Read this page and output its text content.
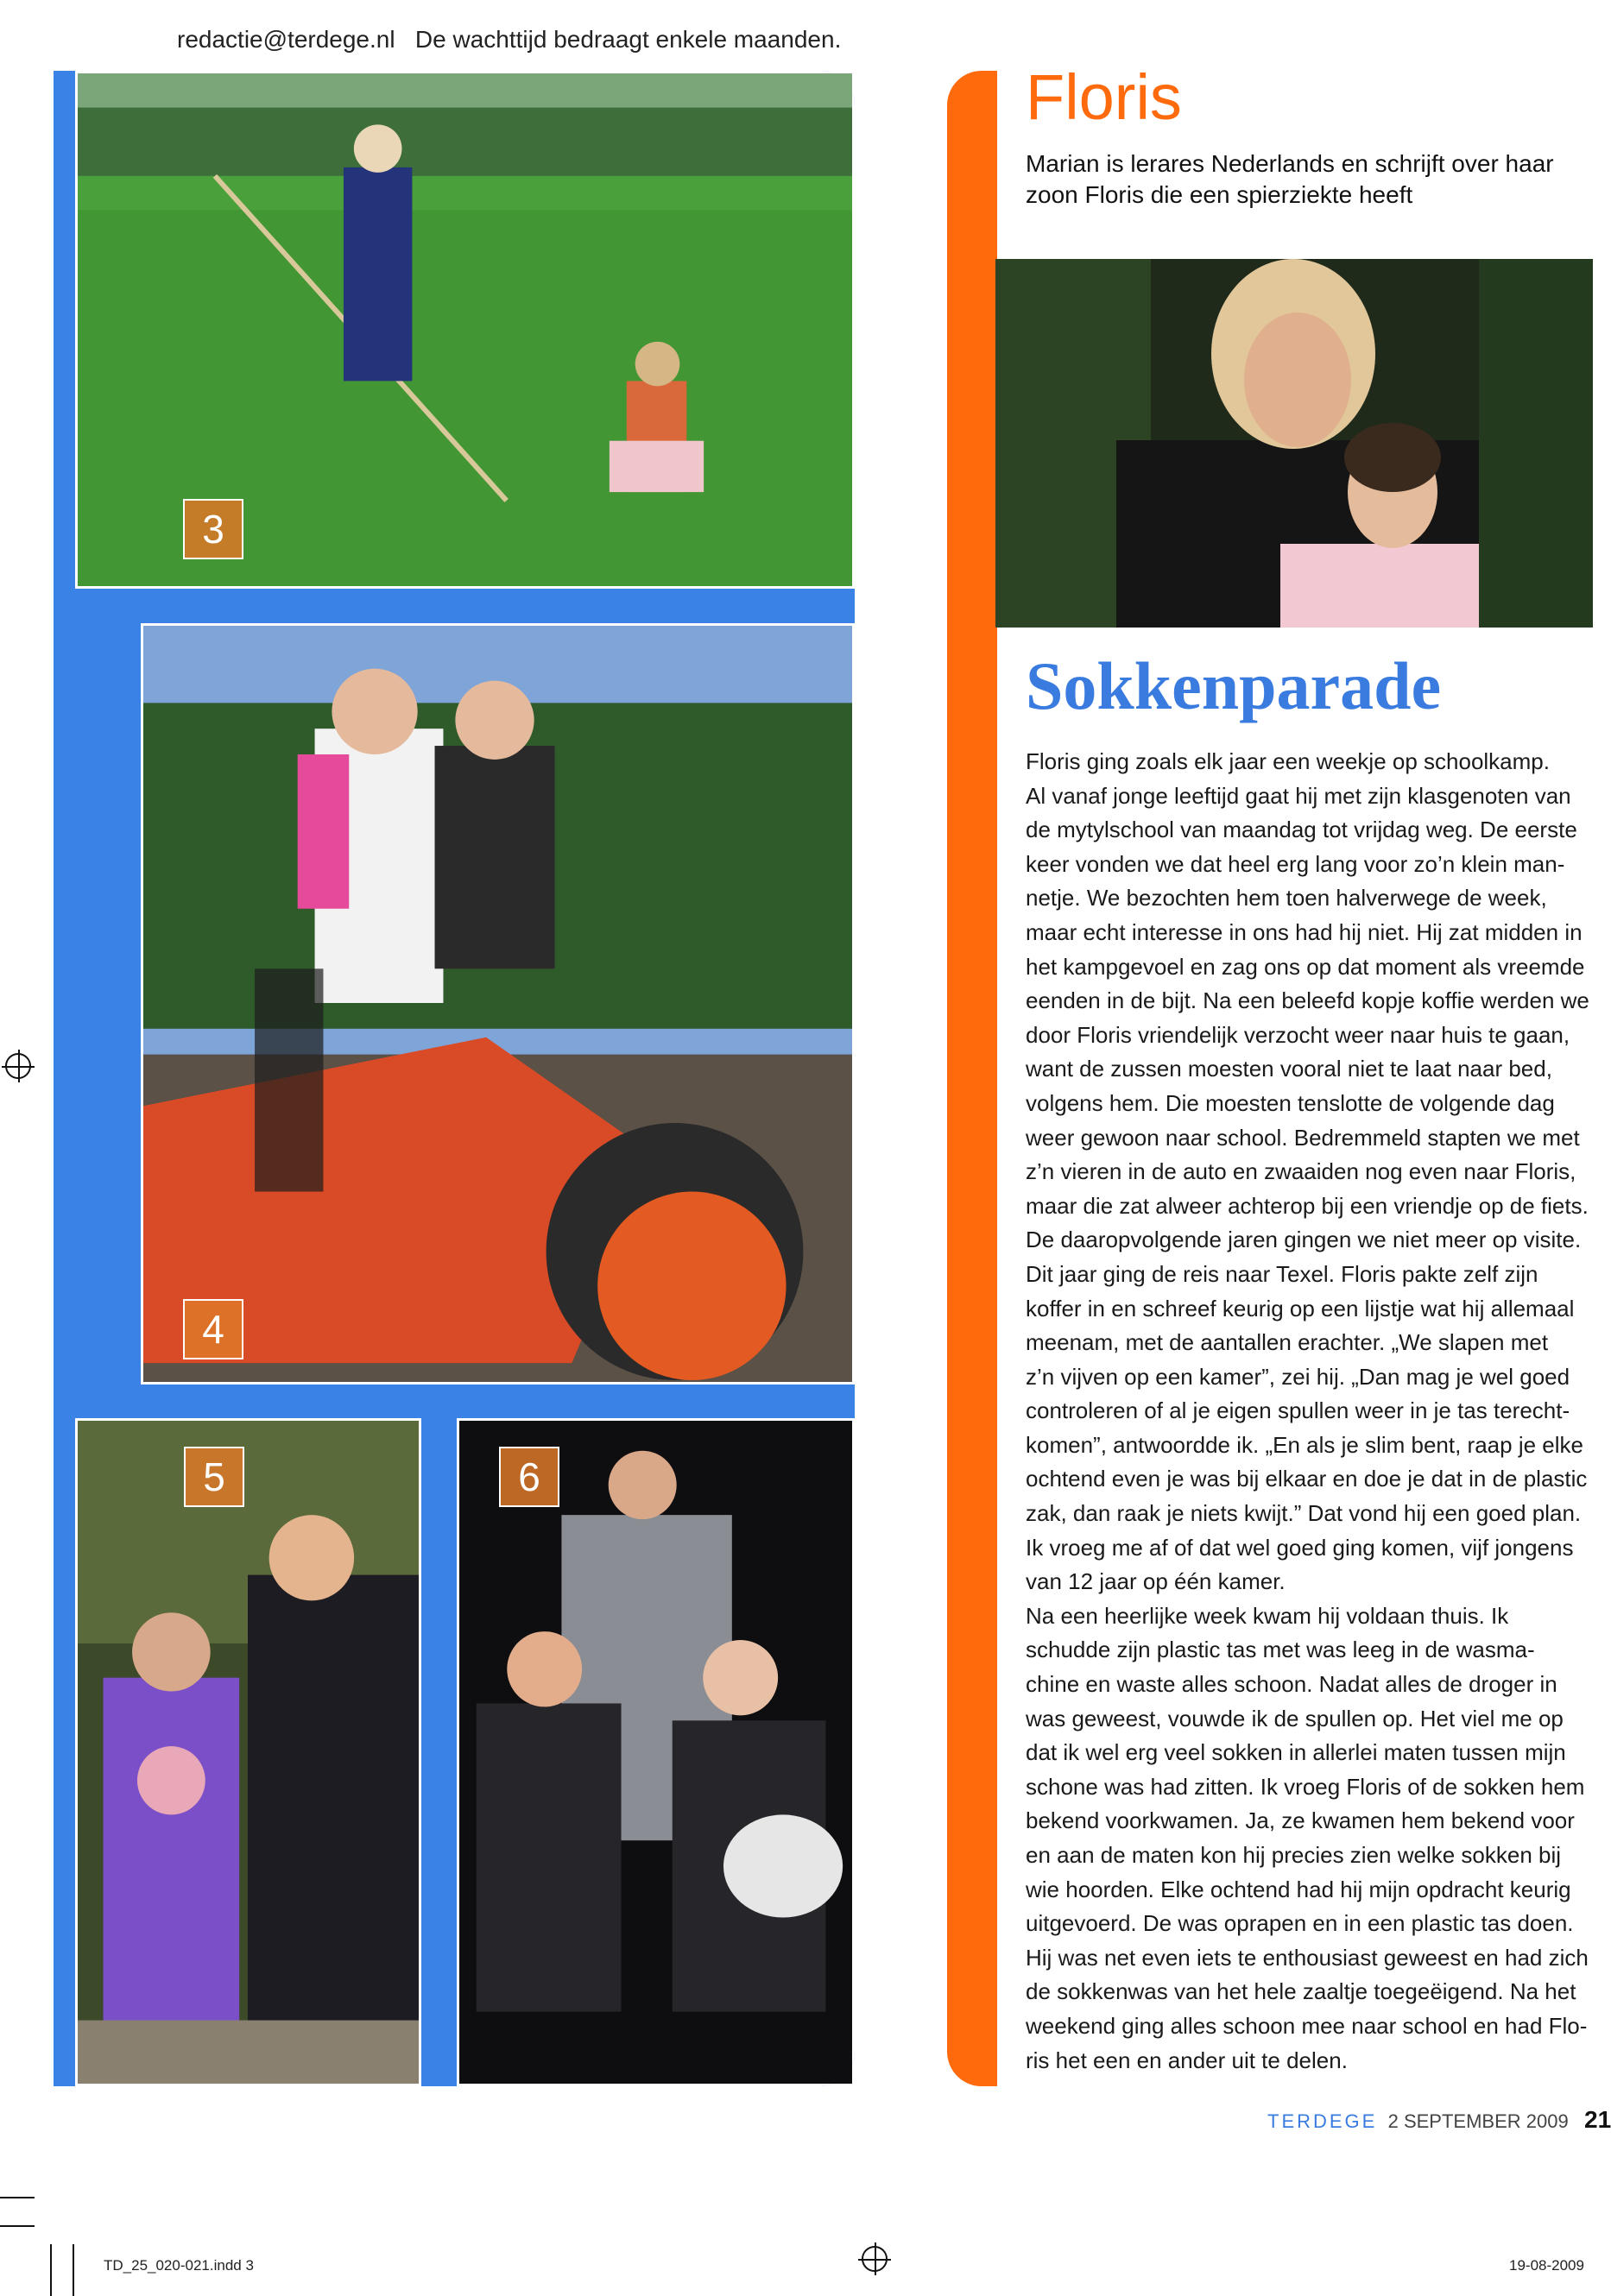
redactie@terdege.nl   De wachttijd bedraagt enkele maanden.
3
4
5	6
Floris
Marian is lerares Nederlands en schrijft over haar zoon Floris die een spierziekte heeft
Sokkenparade
Floris ging zoals elk jaar een weekje op schoolkamp.
Al vanaf jonge leeftijd gaat hij met zijn klasgenoten van
de mytylschool van maandag tot vrijdag weg. De eerste
keer vonden we dat heel erg lang voor zo’n klein man-
netje. We bezochten hem toen halverwege de week,
maar echt interesse in ons had hij niet. Hij zat midden in
het kampgevoel en zag ons op dat moment als vreemde
eenden in de bijt. Na een beleefd kopje koffie werden we
door Floris vriendelijk verzocht weer naar huis te gaan,
want de zussen moesten vooral niet te laat naar bed,
volgens hem. Die moesten tenslotte de volgende dag
weer gewoon naar school. Bedremmeld stapten we met
z’n vieren in de auto en zwaaiden nog even naar Floris,
maar die zat alweer achterop bij een vriendje op de fiets.
De daaropvolgende jaren gingen we niet meer op visite.
Dit jaar ging de reis naar Texel. Floris pakte zelf zijn
koffer in en schreef keurig op een lijstje wat hij allemaal
meenam, met de aantallen erachter. „We slapen met
z’n vijven op een kamer”, zei hij. „Dan mag je wel goed
controleren of al je eigen spullen weer in je tas terecht-
komen”, antwoordde ik. „En als je slim bent, raap je elke
ochtend even je was bij elkaar en doe je dat in de plastic
zak, dan raak je niets kwijt.” Dat vond hij een goed plan.
Ik vroeg me af of dat wel goed ging komen, vijf jongens
van 12 jaar op één kamer.
Na een heerlijke week kwam hij voldaan thuis. Ik
schudde zijn plastic tas met was leeg in de wasma-
chine en waste alles schoon. Nadat alles de droger in
was geweest, vouwde ik de spullen op. Het viel me op
dat ik wel erg veel sokken in allerlei maten tussen mijn
schone was had zitten. Ik vroeg Floris of de sokken hem
bekend voorkwamen. Ja, ze kwamen hem bekend voor
en aan de maten kon hij precies zien welke sokken bij
wie hoorden. Elke ochtend had hij mijn opdracht keurig
uitgevoerd. De was oprapen en in een plastic tas doen.
Hij was net even iets te enthousiast geweest en had zich
de sokkenwas van het hele zaaltje toegeëigend. Na het
weekend ging alles schoon mee naar school en had Flo-
ris het een en ander uit te delen.
TERDEGE 2 SEPTEMBER 2009 21
TD_25_020-021.indd 3	19-08-2009
